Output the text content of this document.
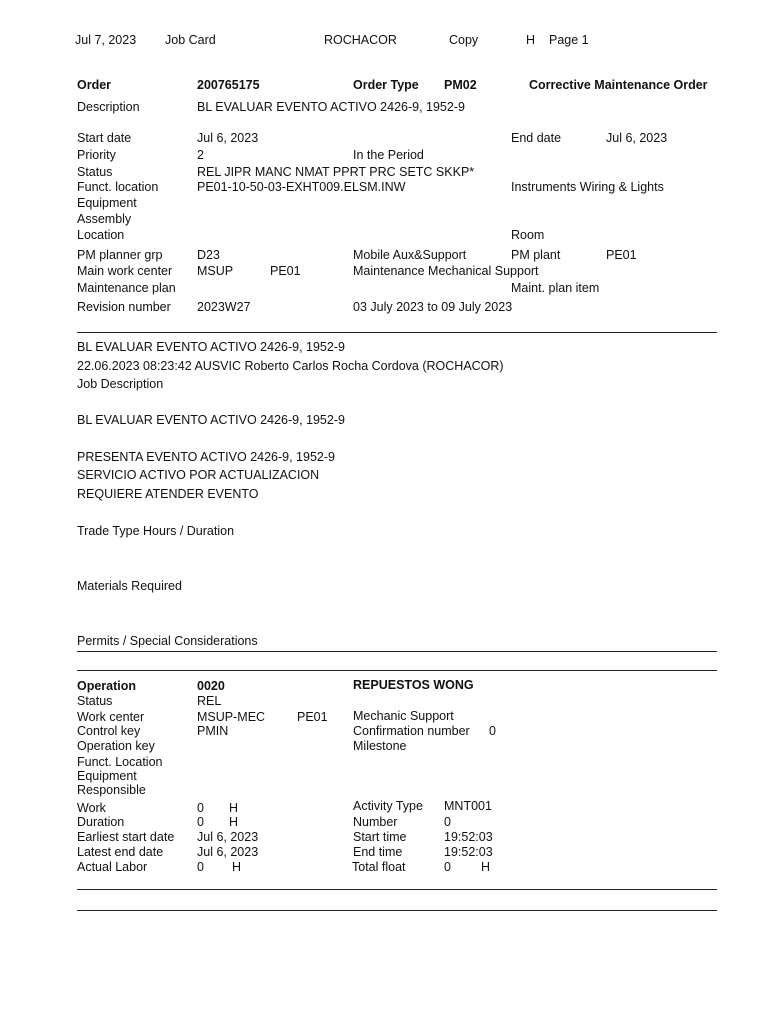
Jul 7, 2023 Job Card	ROCHACOR	Copy	H Page 1
Order	200765175	Order Type PM02	Corrective Maintenance Order
Description	BL EVALUAR EVENTO ACTIVO 2426-9, 1952-9
Start date	Jul 6, 2023	End date	Jul 6, 2023
Priority	2	In the Period
Status	REL JIPR MANC NMAT PPRT PRC SETC SKKP*
Funct. location	PE01-10-50-03-EXHT009.ELSM.INW	Instruments Wiring & Lights
Equipment
Assembly
Location	Room
PM planner grp	D23	Mobile Aux&Support	PM plant	PE01
Main work center MSUP	PE01	Maintenance Mechanical Support
Maintenance plan	Maint. plan item
Revision number 2023W27	03 July 2023 to 09 July 2023
BL EVALUAR EVENTO ACTIVO 2426-9, 1952-9
22.06.2023 08:23:42 AUSVIC Roberto Carlos Rocha Cordova (ROCHACOR)
Job Description
BL EVALUAR EVENTO ACTIVO 2426-9, 1952-9
PRESENTA EVENTO ACTIVO 2426-9, 1952-9
SERVICIO ACTIVO POR ACTUALIZACION
REQUIERE ATENDER EVENTO
Trade Type Hours / Duration
Materials Required
Permits / Special Considerations
Operation	0020	REPUESTOS WONG
Status	REL
Work center	MSUP-MEC	PE01 Mechanic Support
Control key	PMIN	Confirmation number 0
Operation key	Milestone
Funct. Location
Equipment
Responsible
Work	0 H	Activity Type MNT001
Duration	0 H	Number	0
Earliest start date Jul 6, 2023	Start time	19:52:03
Latest end date	Jul 6, 2023	End time	19:52:03
Actual Labor	0 H	Total float	0 H
